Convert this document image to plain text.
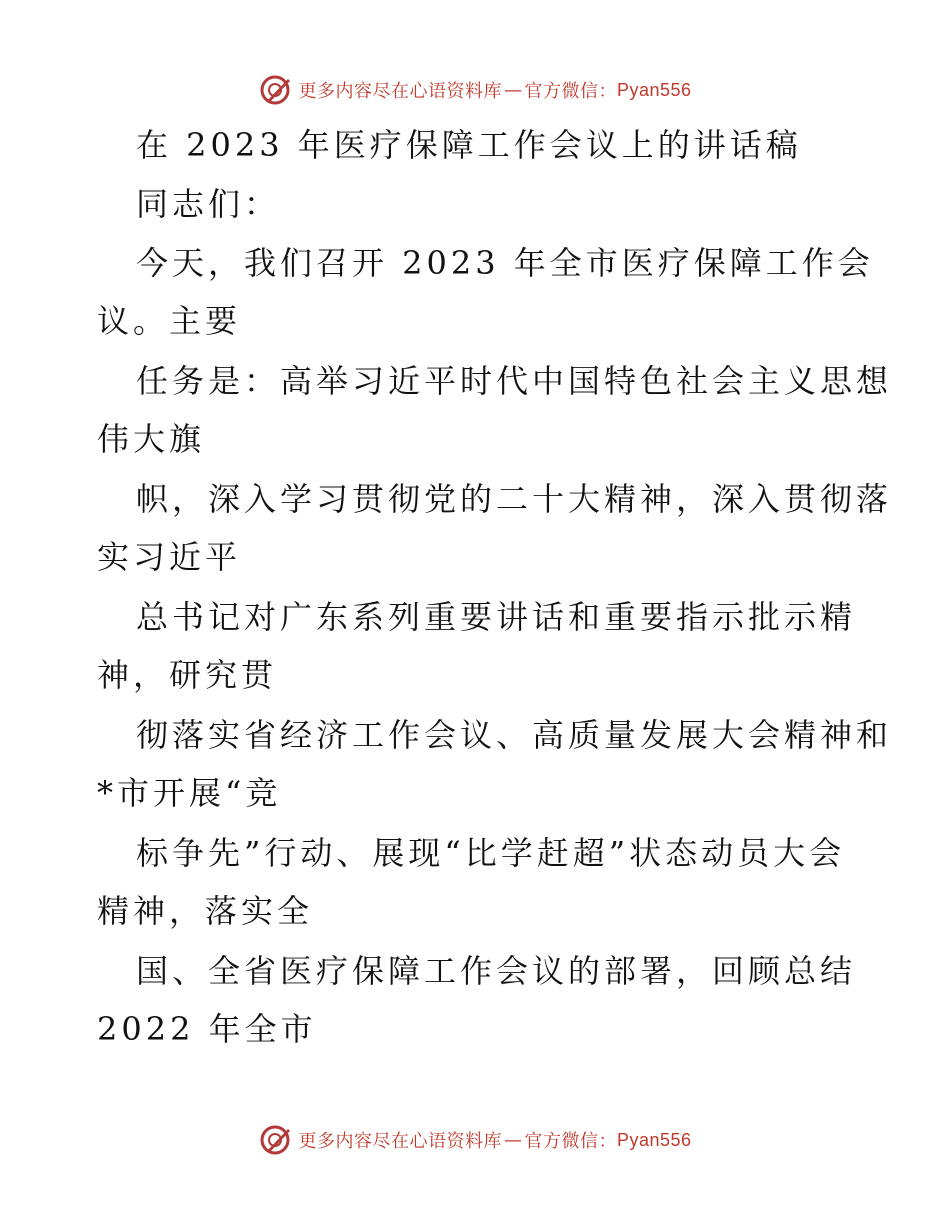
更多内容尽在心语资料库 — 官方微信： Pyan556
在 2023 年医疗保障工作会议上的讲话稿
同志们：
今天，我们召开 2023 年全市医疗保障工作会
议。主要
任务是：高举习近平时代中国特色社会主义思想
伟大旗
帜，深入学习贯彻党的二十大精神，深入贯彻落
实习近平
总书记对广东系列重要讲话和重要指示批示精
神，研究贯
彻落实省经济工作会议、高质量发展大会精神和
*市开展“竞
标争先”行动、展现“比学赶超”状态动员大会
精神，落实全
国、全省医疗保障工作会议的部署，回顾总结
2022 年全市
更多内容尽在心语资料库 — 官方微信： Pyan556
